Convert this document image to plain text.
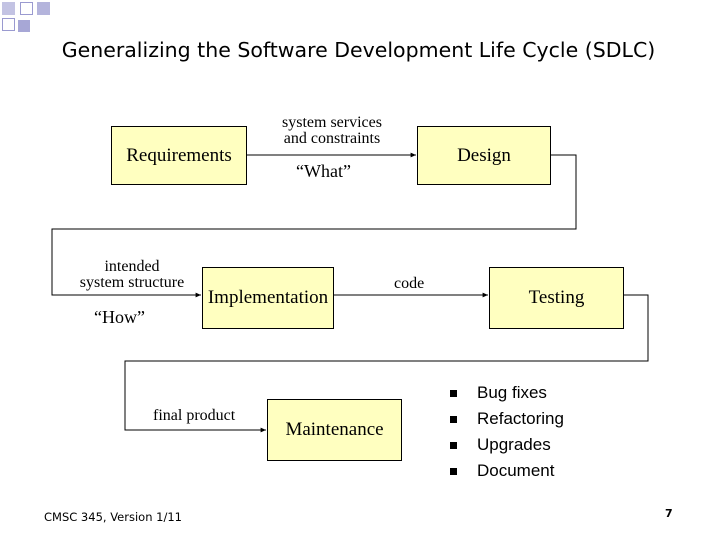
Generalizing the Software Development Life Cycle (SDLC)
Requirements	Design
Implementation	Testing
Maintenance
system services
and constraints
“What”
intended
system structure
“How”
code
final product
Bug fixes
Refactoring
Upgrades
Document
CMSC 345, Version 1/11	7
